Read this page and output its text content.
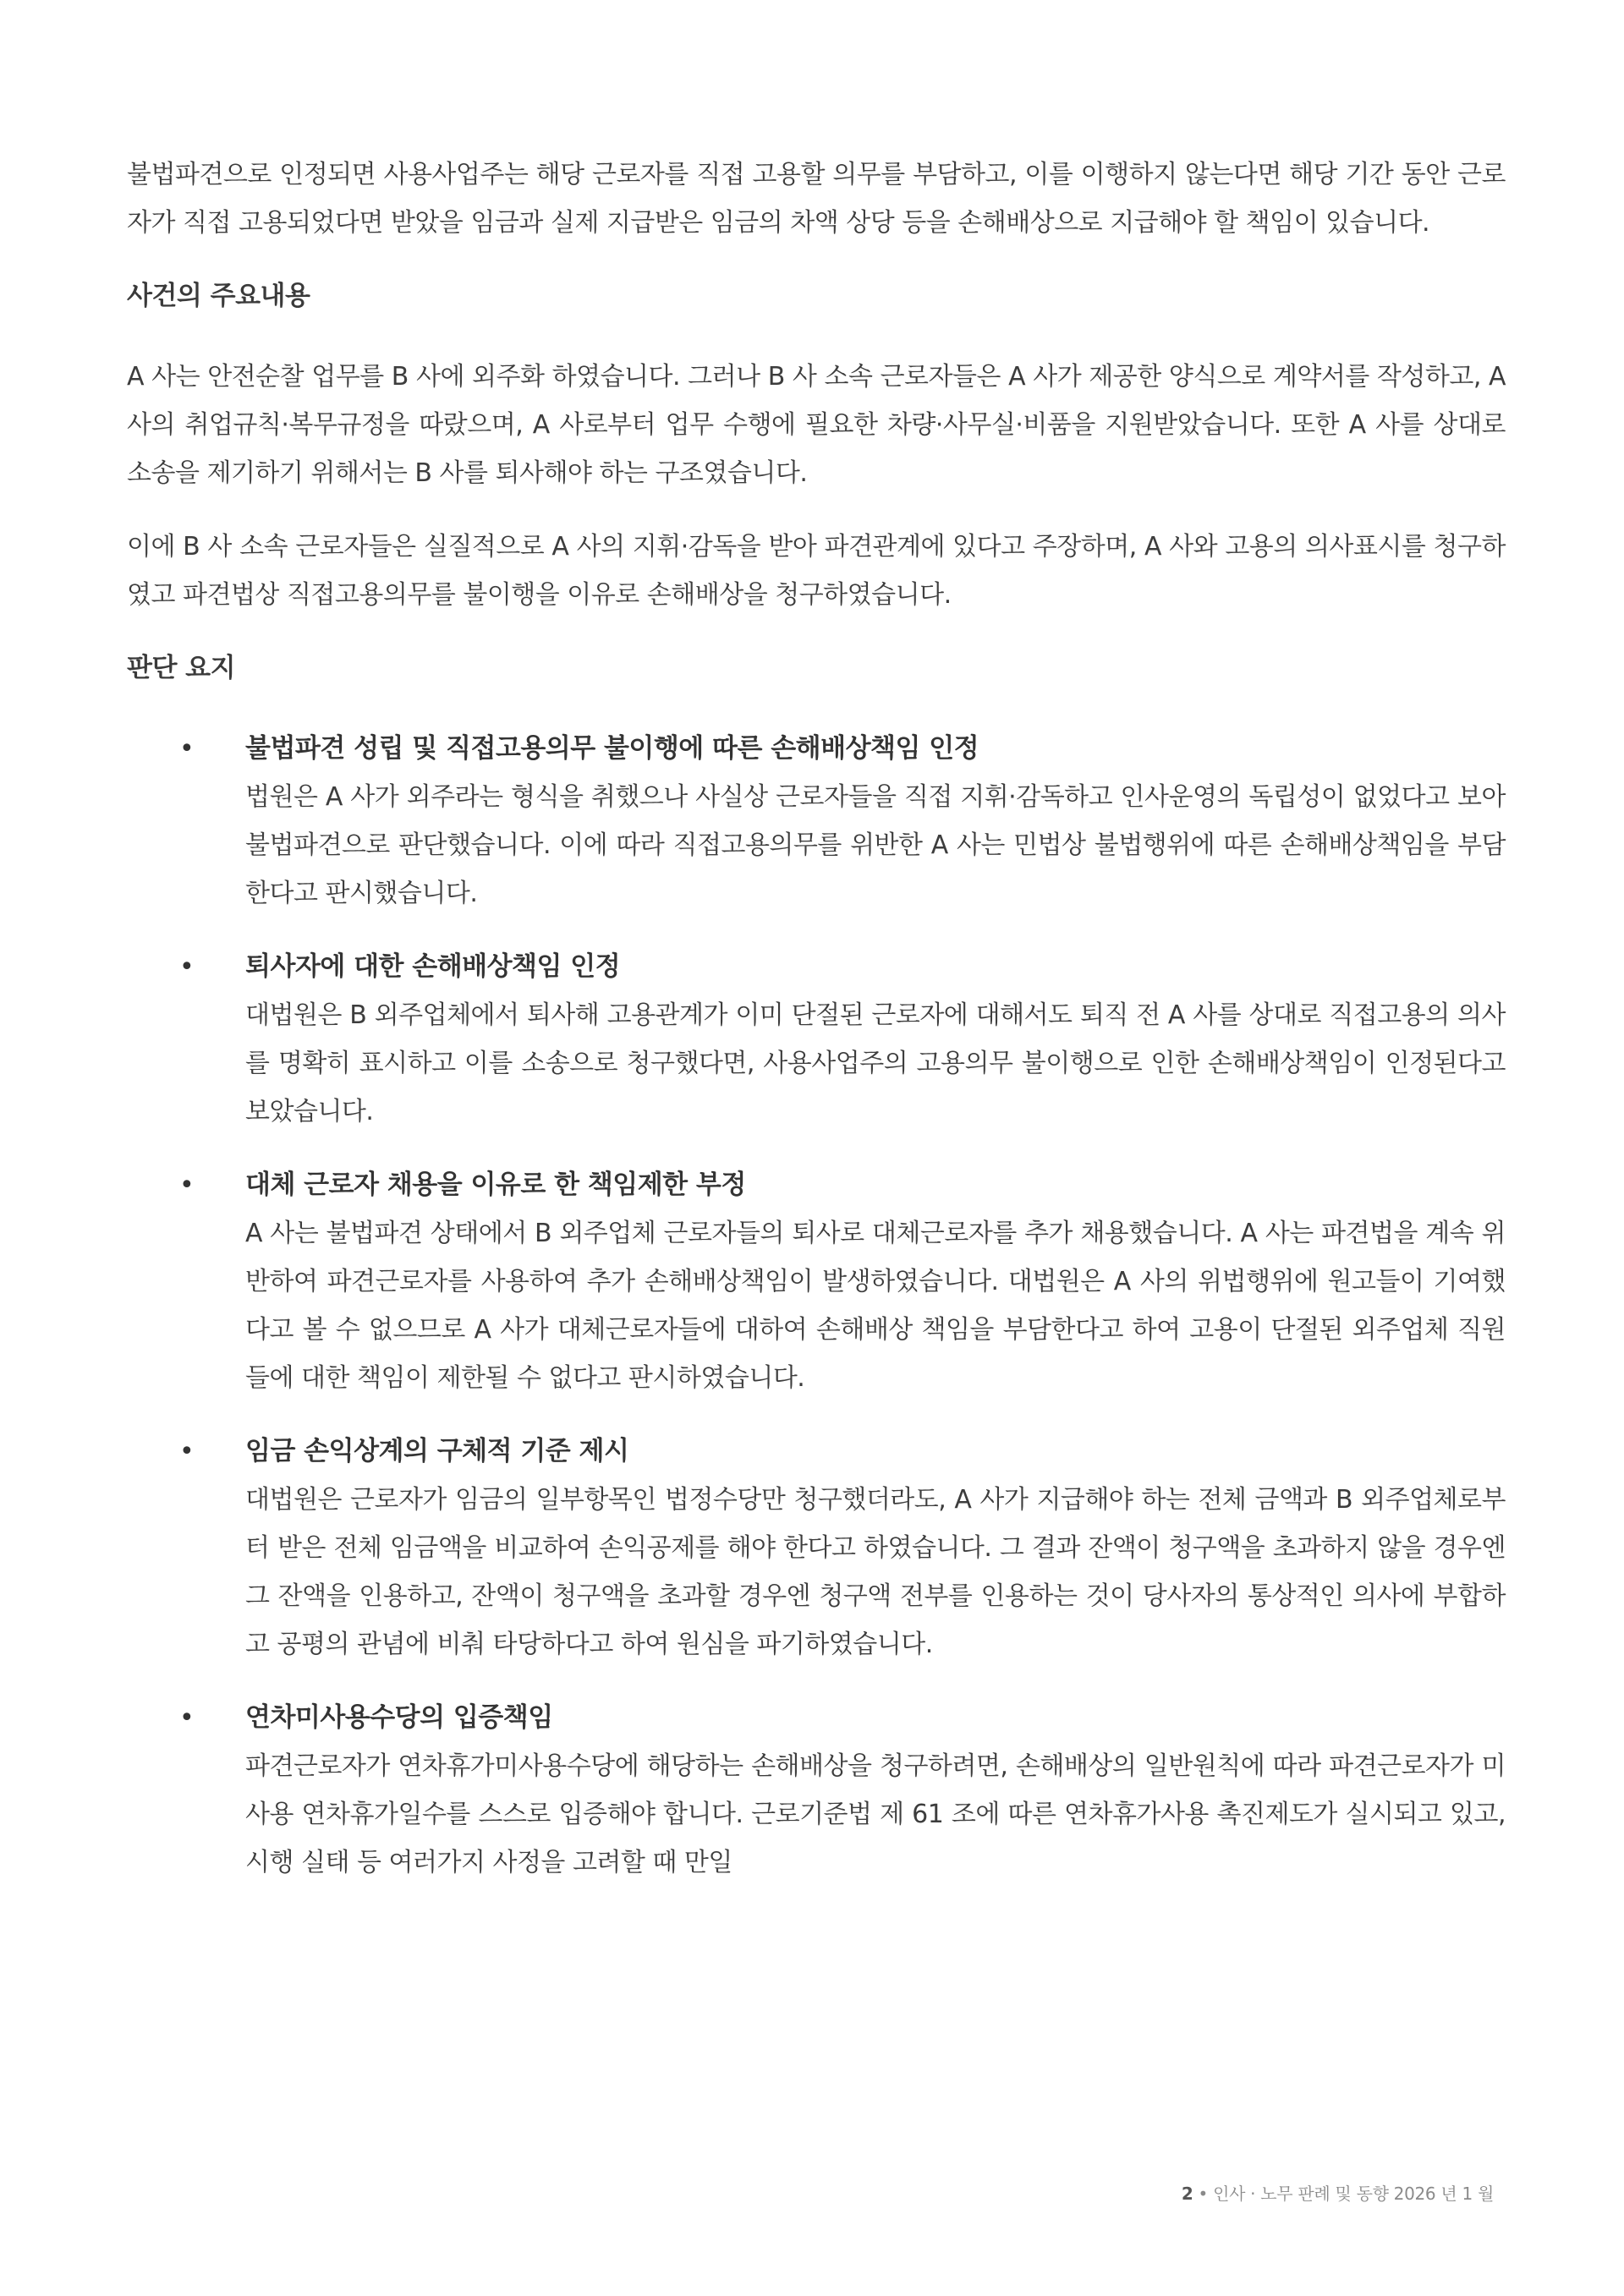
불법파견으로 인정되면 사용사업주는 해당 근로자를 직접 고용할 의무를 부담하고, 이를 이행하지 않는다면 해당 기간 동안 근로자가 직접 고용되었다면 받았을 임금과 실제 지급받은 임금의 차액 상당 등을 손해배상으로 지급해야 할 책임이 있습니다.

사건의 주요내용

A 사는 안전순찰 업무를 B 사에 외주화 하였습니다. 그러나 B 사 소속 근로자들은 A 사가 제공한 양식으로 계약서를 작성하고, A 사의 취업규칙·복무규정을 따랐으며, A 사로부터 업무 수행에 필요한 차량·사무실·비품을 지원받았습니다. 또한 A 사를 상대로 소송을 제기하기 위해서는 B 사를 퇴사해야 하는 구조였습니다.

이에 B 사 소속 근로자들은 실질적으로 A 사의 지휘·감독을 받아 파견관계에 있다고 주장하며, A 사와 고용의 의사표시를 청구하였고 파견법상 직접고용의무를 불이행을 이유로 손해배상을 청구하였습니다.

판단 요지
• 불법파견 성립 및 직접고용의무 불이행에 따른 손해배상책임 인정
법원은 A 사가 외주라는 형식을 취했으나 사실상 근로자들을 직접 지휘·감독하고 인사운영의 독립성이 없었다고 보아 불법파견으로 판단했습니다. 이에 따라 직접고용의무를 위반한 A 사는 민법상 불법행위에 따른 손해배상책임을 부담한다고 판시했습니다.
• 퇴사자에 대한 손해배상책임 인정
대법원은 B 외주업체에서 퇴사해 고용관계가 이미 단절된 근로자에 대해서도 퇴직 전 A 사를 상대로 직접고용의 의사를 명확히 표시하고 이를 소송으로 청구했다면, 사용사업주의 고용의무 불이행으로 인한 손해배상책임이 인정된다고 보았습니다.
• 대체 근로자 채용을 이유로 한 책임제한 부정
A 사는 불법파견 상태에서 B 외주업체 근로자들의 퇴사로 대체근로자를 추가 채용했습니다. A 사는 파견법을 계속 위반하여 파견근로자를 사용하여 추가 손해배상책임이 발생하였습니다. 대법원은 A 사의 위법행위에 원고들이 기여했다고 볼 수 없으므로 A 사가 대체근로자들에 대하여 손해배상 책임을 부담한다고 하여 고용이 단절된 외주업체 직원들에 대한 책임이 제한될 수 없다고 판시하였습니다.
• 임금 손익상계의 구체적 기준 제시
대법원은 근로자가 임금의 일부항목인 법정수당만 청구했더라도, A 사가 지급해야 하는 전체 금액과 B 외주업체로부터 받은 전체 임금액을 비교하여 손익공제를 해야 한다고 하였습니다. 그 결과 잔액이 청구액을 초과하지 않을 경우엔 그 잔액을 인용하고, 잔액이 청구액을 초과할 경우엔 청구액 전부를 인용하는 것이 당사자의 통상적인 의사에 부합하고 공평의 관념에 비춰 타당하다고 하여 원심을 파기하였습니다.
• 연차미사용수당의 입증책임
파견근로자가 연차휴가미사용수당에 해당하는 손해배상을 청구하려면, 손해배상의 일반원칙에 따라 파견근로자가 미사용 연차휴가일수를 스스로 입증해야 합니다. 근로기준법 제 61 조에 따른 연차휴가사용 촉진제도가 실시되고 있고, 시행 실태 등 여러가지 사정을 고려할 때 만일
2 • 인사 · 노무 판례 및 동향 2026 년 1 월
